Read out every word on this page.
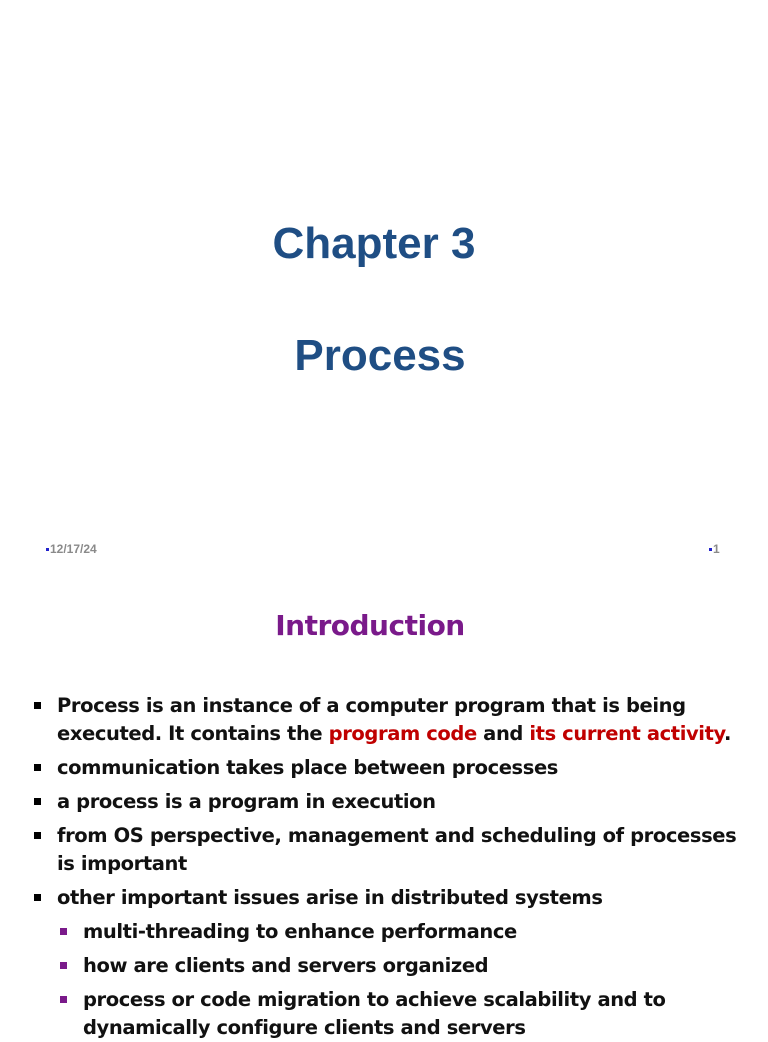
Chapter 3
Process
12/17/24	1
Introduction
Process is an instance of a computer program that is being executed. It contains the program code and its current activity.
communication takes place between processes
a process is a program in execution
from OS perspective, management and scheduling of processes is important
other important issues arise in distributed systems
multi-threading to enhance performance
how are clients and servers organized
process or code migration to achieve scalability and to dynamically configure clients and servers
